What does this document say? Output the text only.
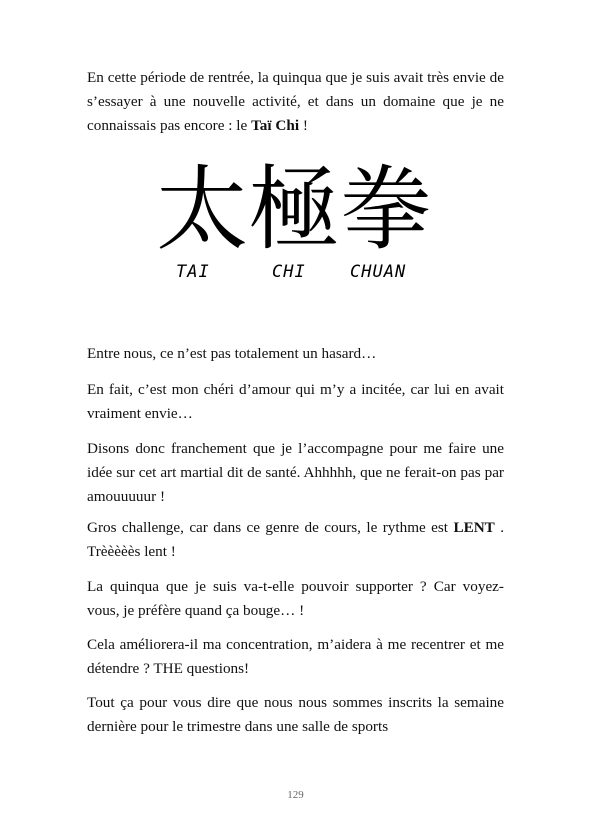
En cette période de rentrée, la quinqua que je suis avait très envie de s’essayer à une nouvelle activité, et dans un domaine que je ne connaissais pas encore : le Taï Chi !

太 極 拳
TAI	CHI	CHUAN

Entre nous, ce n’est pas totalement un hasard…

En fait, c’est mon chéri d’amour qui m’y a incitée, car lui en avait vraiment envie…

Disons donc franchement que je l’accompagne pour me faire une idée sur cet art martial dit de santé. Ahhhhh, que ne ferait-on pas par amouuuuur !

Gros challenge, car dans ce genre de cours, le rythme est LENT . Trèèèèès lent !

La quinqua que je suis va-t-elle pouvoir supporter ? Car voyez-vous, je préfère quand ça bouge… !

Cela améliorera-il ma concentration, m’aidera à me recentrer et me détendre ? THE questions!

Tout ça pour vous dire que nous nous sommes inscrits la semaine dernière pour le trimestre dans une salle de sports

129
